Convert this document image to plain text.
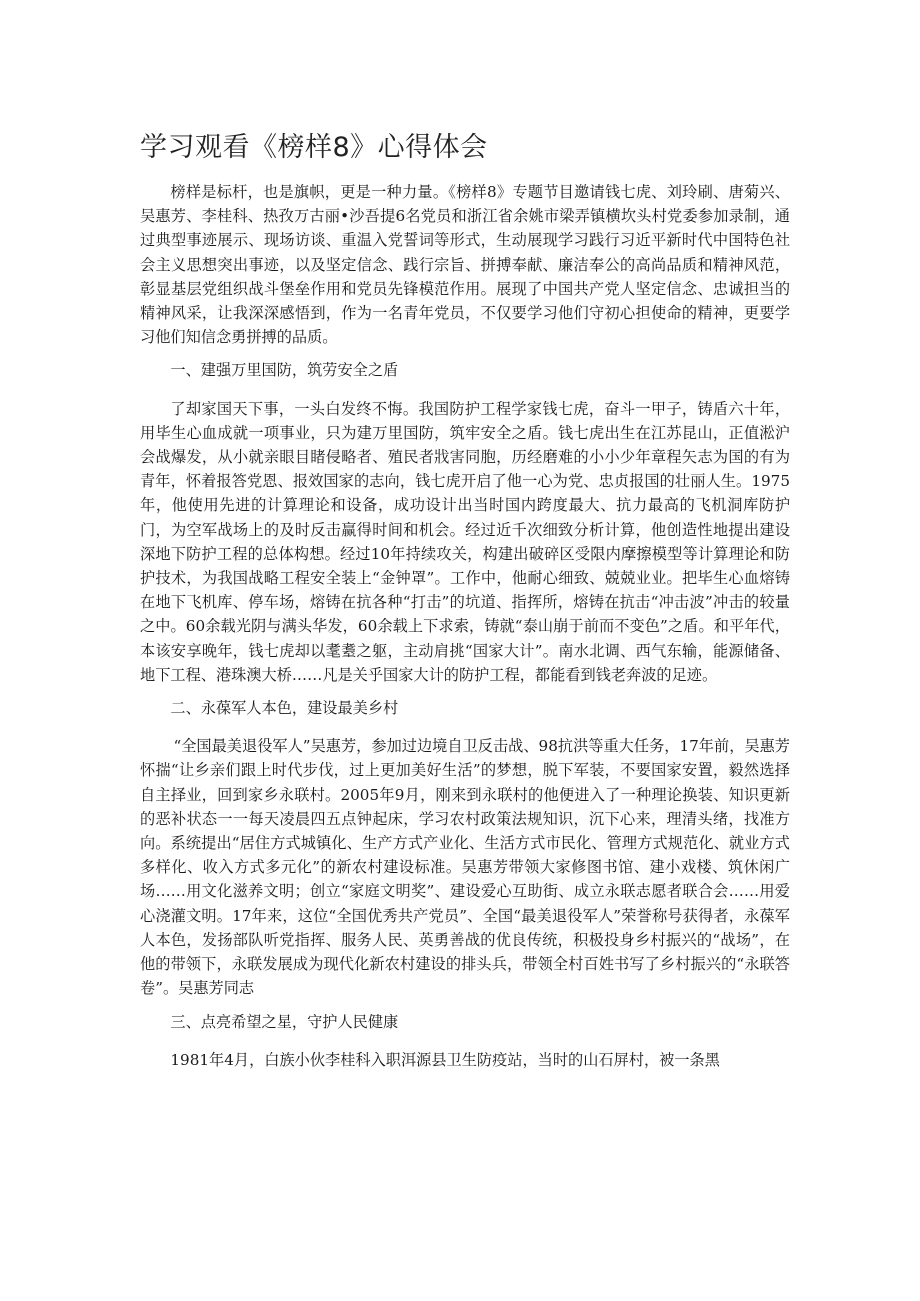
学习观看《榜样8》心得体会

榜样是标杆，也是旗帜，更是一种力量。《榜样8》专题节目邀请钱七虎、刘玲刷、唐菊兴、吴惠芳、李桂科、热孜万古丽•沙吾提6名党员和浙江省余姚市梁弄镇横坎头村党委参加录制，通过典型事迹展示、现场访谈、重温入党誓词等形式，生动展现学习践行习近平新时代中国特色社会主义思想突出事迹，以及坚定信念、践行宗旨、拼搏奉献、廉洁奉公的高尚品质和精神风范，彰显基层党组织战斗堡垒作用和党员先锋模范作用。展现了中国共产党人坚定信念、忠诚担当的精神风采，让我深深感悟到，作为一名青年党员，不仅要学习他们守初心担使命的精神，更要学习他们知信念勇拼搏的品质。

一、建强万里国防，筑劳安全之盾

了却家国天下事，一头白发终不悔。我国防护工程学家钱七虎，奋斗一甲子，铸盾六十年，用毕生心血成就一项事业，只为建万里国防，筑牢安全之盾。钱七虎出生在江苏昆山，正值淞沪会战爆发，从小就亲眼目睹侵略者、殖民者戕害同胞，历经磨难的小小少年章程矢志为国的有为青年，怀着报答党恩、报效国家的志向，钱七虎开启了他一心为党、忠贞报国的壮丽人生。1975年，他使用先进的计算理论和设备，成功设计出当时国内跨度最大、抗力最高的飞机洞库防护门，为空军战场上的及时反击赢得时间和机会。经过近千次细致分析计算，他创造性地提出建设深地下防护工程的总体构想。经过10年持续攻关，构建出破碎区受限内摩擦模型等计算理论和防护技术，为我国战略工程安全装上“金钟罩”。工作中，他耐心细致、兢兢业业。把毕生心血熔铸在地下飞机库、停车场，熔铸在抗各种“打击”的坑道、指挥所，熔铸在抗击“冲击波”冲击的较量之中。60余载光阴与满头华发，60余载上下求索，铸就“泰山崩于前而不变色”之盾。和平年代，本该安享晚年，钱七虎却以耄耋之躯，主动肩挑“国家大计”。南水北调、西气东输，能源储备、地下工程、港珠澳大桥……凡是关乎国家大计的防护工程，都能看到钱老奔波的足迹。

二、永葆军人本色，建设最美乡村

“全国最美退役军人”吴惠芳，参加过边境自卫反击战、98抗洪等重大任务，17年前，吴惠芳怀揣“让乡亲们跟上时代步伐，过上更加美好生活”的梦想，脱下军装，不要国家安置，毅然选择自主择业，回到家乡永联村。2005年9月，刚来到永联村的他便进入了一种理论换装、知识更新的恶补状态一一每天凌晨四五点钟起床，学习农村政策法规知识，沉下心来，理清头绪，找准方向。系统提出“居住方式城镇化、生产方式产业化、生活方式市民化、管理方式规范化、就业方式多样化、收入方式多元化”的新农村建设标准。吴惠芳带领大家修图书馆、建小戏楼、筑休闲广场……用文化滋养文明；创立“家庭文明奖”、建设爱心互助街、成立永联志愿者联合会……用爱心浇灌文明。17年来，这位“全国优秀共产党员”、全国“最美退役军人”荣誉称号获得者，永葆军人本色，发扬部队听党指挥、服务人民、英勇善战的优良传统，积极投身乡村振兴的“战场”，在他的带领下，永联发展成为现代化新农村建设的排头兵，带领全村百姓书写了乡村振兴的“永联答卷”。吴惠芳同志

三、点亮希望之星，守护人民健康

1981年4月，白族小伙李桂科入职洱源县卫生防疫站，当时的山石屏村，被一条黑
